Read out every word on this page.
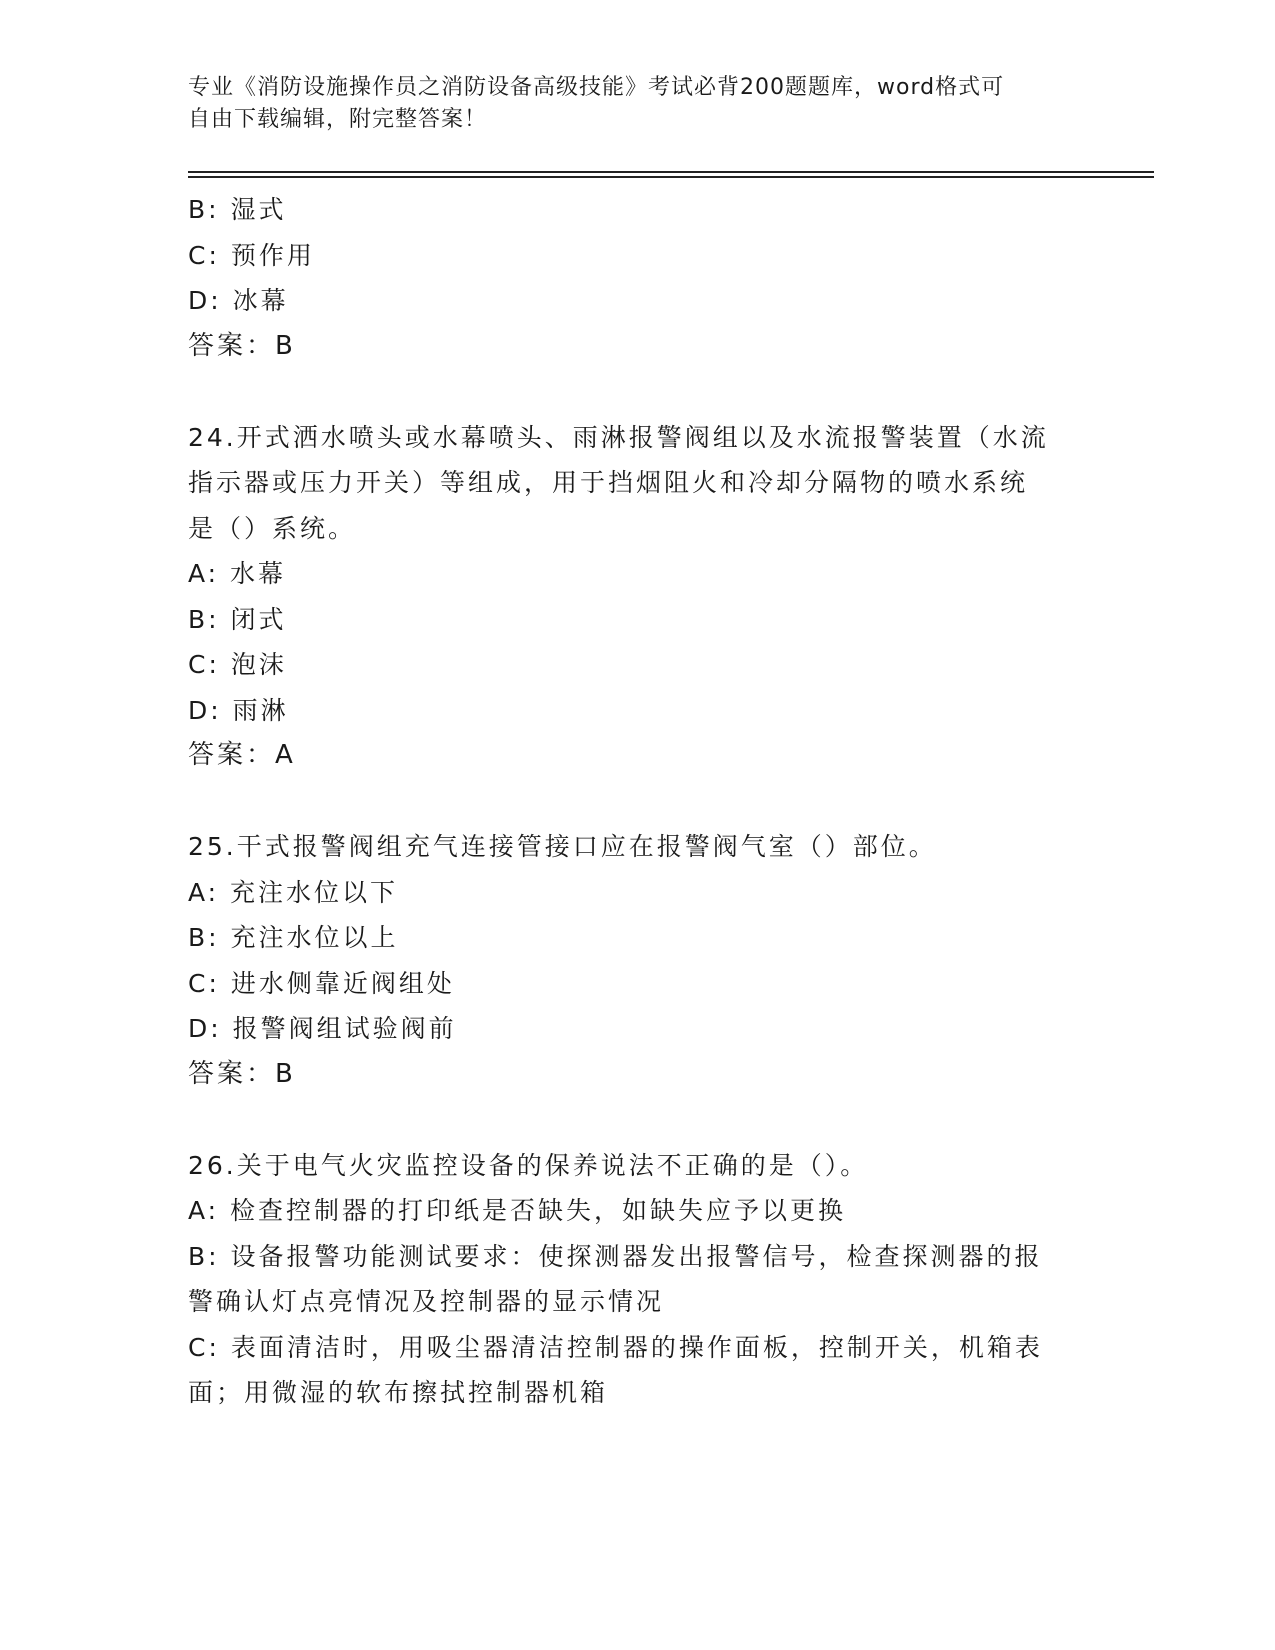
专业《消防设施操作员之消防设备高级技能》考试必背200题题库，word格式可
自由下载编辑，附完整答案！
B: 湿式
C: 预作用
D: 冰幕
答案：B
24.开式洒水喷头或水幕喷头、雨淋报警阀组以及水流报警装置（水流
指示器或压力开关）等组成，用于挡烟阻火和冷却分隔物的喷水系统
是（）系统。
A: 水幕
B: 闭式
C: 泡沫
D: 雨淋
答案：A
25.干式报警阀组充气连接管接口应在报警阀气室（）部位。
A: 充注水位以下
B: 充注水位以上
C: 进水侧靠近阀组处
D: 报警阀组试验阀前
答案：B
26.关于电气火灾监控设备的保养说法不正确的是（）。
A: 检查控制器的打印纸是否缺失，如缺失应予以更换
B: 设备报警功能测试要求：使探测器发出报警信号，检查探测器的报
警确认灯点亮情况及控制器的显示情况
C: 表面清洁时，用吸尘器清洁控制器的操作面板，控制开关，机箱表
面；用微湿的软布擦拭控制器机箱
